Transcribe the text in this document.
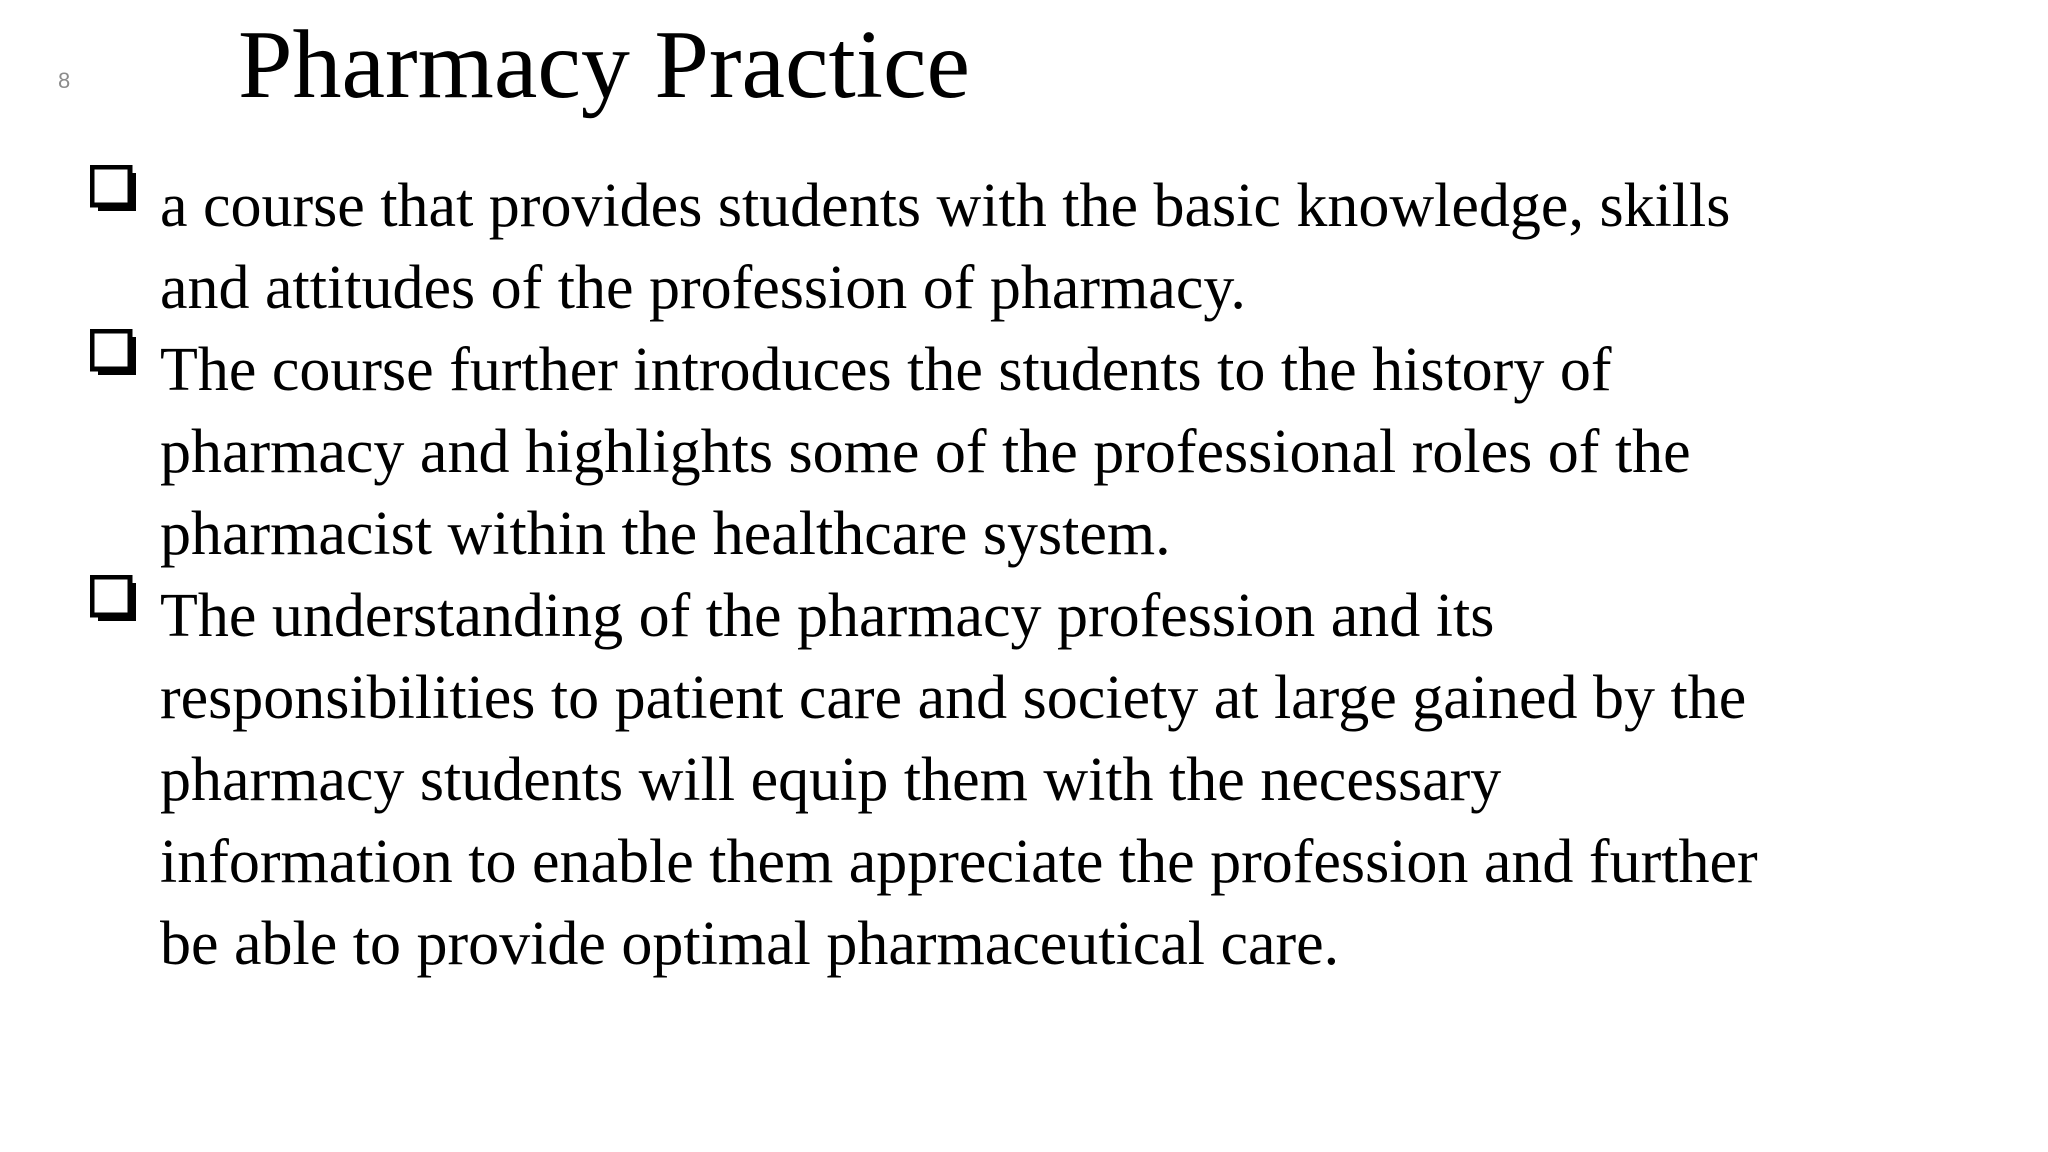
8 Pharmacy Practice
a course that provides students with the basic knowledge, skills
and attitudes of the profession of pharmacy.
The course further introduces the students to the history of
pharmacy and highlights some of the professional roles of the
pharmacist within the healthcare system.
The understanding of the pharmacy profession and its
responsibilities to patient care and society at large gained by the
pharmacy students will equip them with the necessary
information to enable them appreciate the profession and further
be able to provide optimal pharmaceutical care.
